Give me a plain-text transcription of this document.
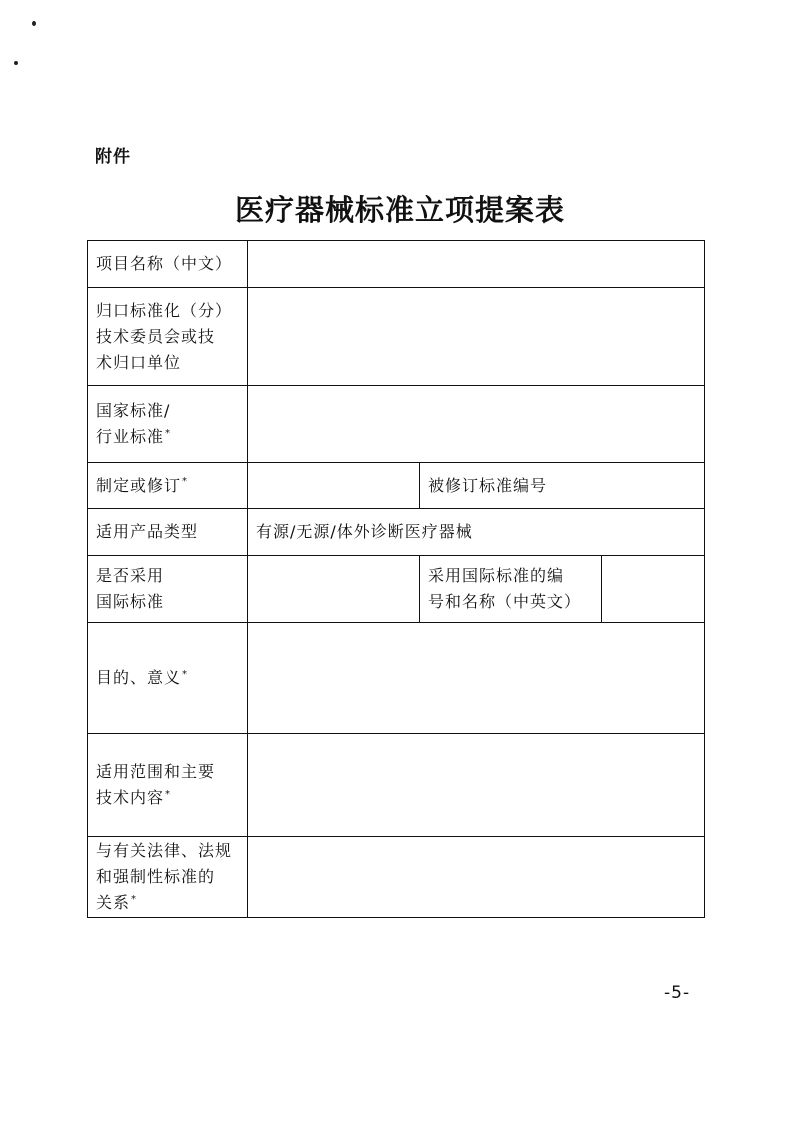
附件
医疗器械标准立项提案表
项目名称（中文）
归口标准化（分）
技术委员会或技
术归口单位
国家标准/
行业标准*
制定或修订*	被修订标准编号
适用产品类型	有源/无源/体外诊断医疗器械
是否采用
国际标准
采用国际标准的编
号和名称（中英文）
目的、意义*
适用范围和主要
技术内容*
与有关法律、法规
和强制性标准的
关系*
-5-
